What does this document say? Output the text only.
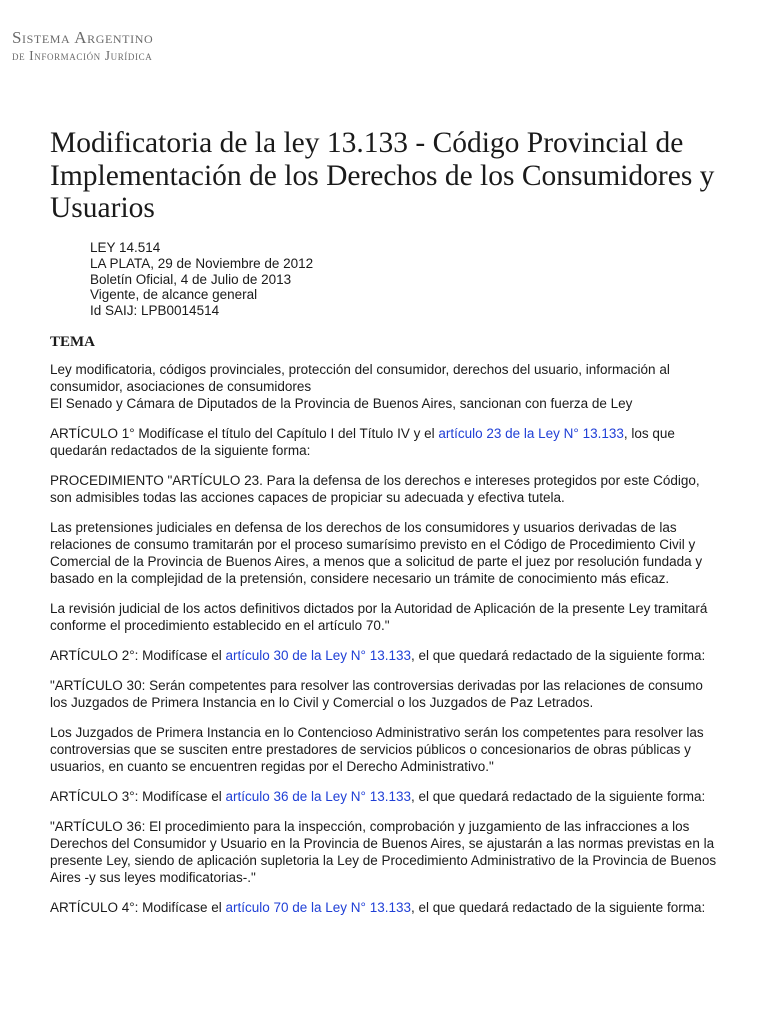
Sistema Argentino
de Información Jurídica
Modificatoria de la ley 13.133 - Código Provincial de Implementación de los Derechos de los Consumidores y Usuarios
LEY 14.514
LA PLATA, 29 de Noviembre de 2012
Boletín Oficial, 4 de Julio de 2013
Vigente, de alcance general
Id SAIJ: LPB0014514
TEMA

Ley modificatoria, códigos provinciales, protección del consumidor, derechos del usuario, información al consumidor, asociaciones de consumidores

El Senado y Cámara de Diputados de la Provincia de Buenos Aires, sancionan con fuerza de Ley

ARTÍCULO 1° Modifícase el título del Capítulo I del Título IV y el artículo 23 de la Ley N° 13.133, los que quedarán redactados de la siguiente forma:

PROCEDIMIENTO "ARTÍCULO 23. Para la defensa de los derechos e intereses protegidos por este Código, son admisibles todas las acciones capaces de propiciar su adecuada y efectiva tutela.

Las pretensiones judiciales en defensa de los derechos de los consumidores y usuarios derivadas de las relaciones de consumo tramitarán por el proceso sumarísimo previsto en el Código de Procedimiento Civil y Comercial de la Provincia de Buenos Aires, a menos que a solicitud de parte el juez por resolución fundada y basado en la complejidad de la pretensión, considere necesario un trámite de conocimiento más eficaz.

La revisión judicial de los actos definitivos dictados por la Autoridad de Aplicación de la presente Ley tramitará conforme el procedimiento establecido en el artículo 70."

ARTÍCULO 2°: Modifícase el artículo 30 de la Ley N° 13.133, el que quedará redactado de la siguiente forma:

"ARTÍCULO 30: Serán competentes para resolver las controversias derivadas por las relaciones de consumo los Juzgados de Primera Instancia en lo Civil y Comercial o los Juzgados de Paz Letrados.

Los Juzgados de Primera Instancia en lo Contencioso Administrativo serán los competentes para resolver las controversias que se susciten entre prestadores de servicios públicos o concesionarios de obras públicas y usuarios, en cuanto se encuentren regidas por el Derecho Administrativo."

ARTÍCULO 3°: Modifícase el artículo 36 de la Ley N° 13.133, el que quedará redactado de la siguiente forma:

"ARTÍCULO 36: El procedimiento para la inspección, comprobación y juzgamiento de las infracciones a los Derechos del Consumidor y Usuario en la Provincia de Buenos Aires, se ajustarán a las normas previstas en la presente Ley, siendo de aplicación supletoria la Ley de Procedimiento Administrativo de la Provincia de Buenos Aires -y sus leyes modificatorias-."

ARTÍCULO 4°: Modifícase el artículo 70 de la Ley N° 13.133, el que quedará redactado de la siguiente forma:
